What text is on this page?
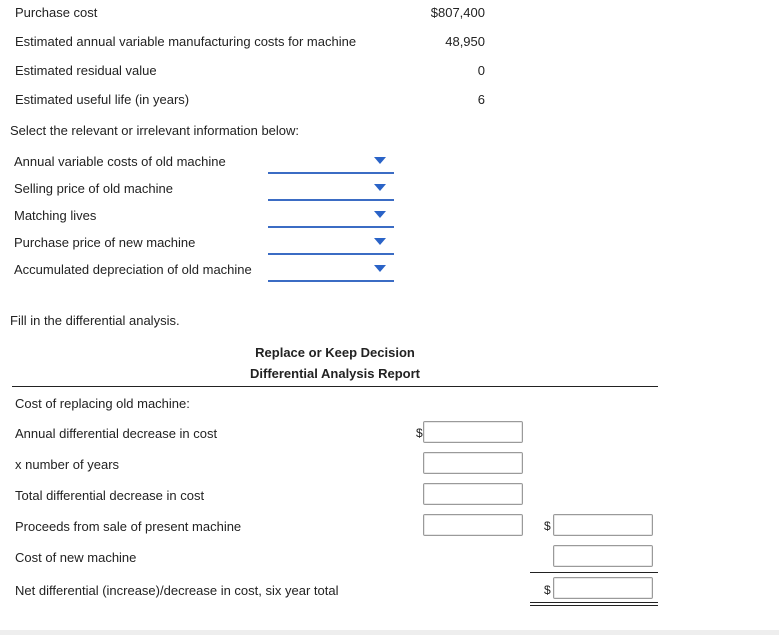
Purchase cost	$807,400
Estimated annual variable manufacturing costs for machine	48,950
Estimated residual value	0
Estimated useful life (in years)	6
Select the relevant or irrelevant information below:
Annual variable costs of old machine
Selling price of old machine
Matching lives
Purchase price of new machine
Accumulated depreciation of old machine
Fill in the differential analysis.
Replace or Keep Decision
Differential Analysis Report
Cost of replacing old machine:
Annual differential decrease in cost	$
x number of years
Total differential decrease in cost
Proceeds from sale of present machine	$
Cost of new machine
Net differential (increase)/decrease in cost, six year total	$
